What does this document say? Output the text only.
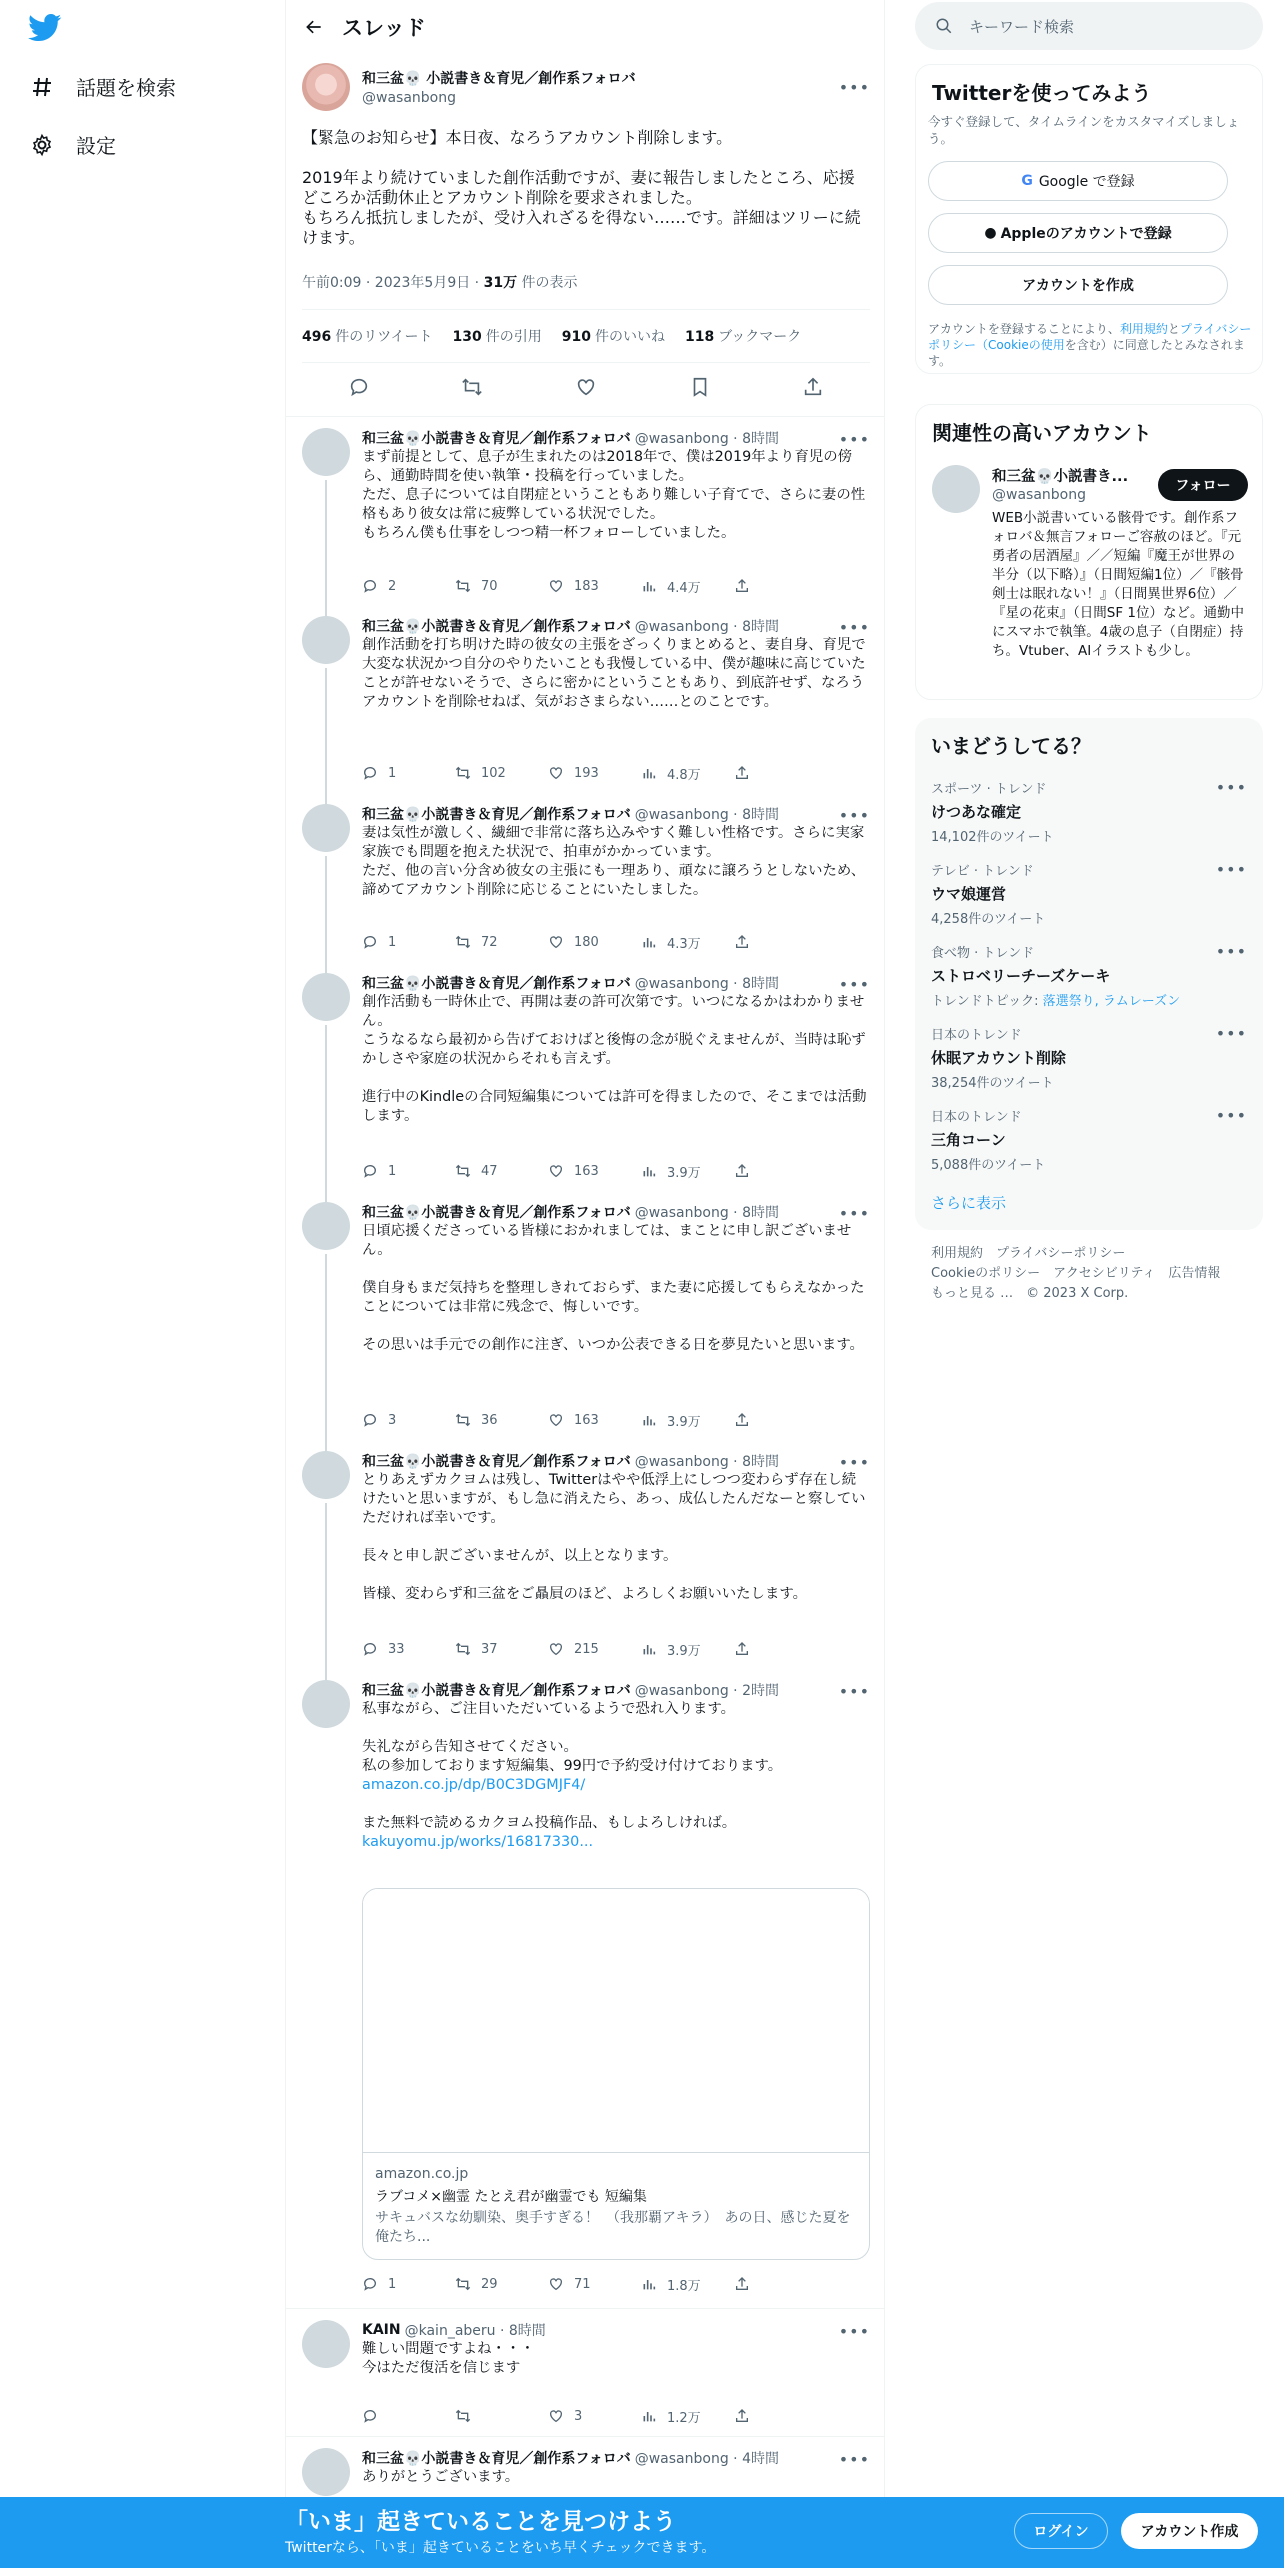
話題を検索
設定
スレッド
和三盆💀 小説書き＆育児／創作系フォロバ
@wasanbong
•••
【緊急のお知らせ】本日夜、なろうアカウント削除します。

2019年より続けていました創作活動ですが、妻に報告しましたところ、応援どころか活動休止とアカウント削除を要求されました。
もちろん抵抗しましたが、受け入れざるを得ない……です。詳細はツリーに続けます。
午前0:09 · 2023年5月9日 · 31万 件の表示
496 件のリツイート 130 件の引用 910 件のいいね 118 ブックマーク
和三盆💀小説書き＆育児／創作系フォロバ @wasanbong · 8時間	•••
まず前提として、息子が生まれたのは2018年で、僕は2019年より育児の傍ら、通勤時間を使い執筆・投稿を行っていました。
ただ、息子については自閉症ということもあり難しい子育てで、さらに妻の性格もあり彼女は常に疲弊している状況でした。
もちろん僕も仕事をしつつ精一杯フォローしていました。
2	70	183	4.4万
和三盆💀小説書き＆育児／創作系フォロバ @wasanbong · 8時間	•••
創作活動を打ち明けた時の彼女の主張をざっくりまとめると、妻自身、育児で大変な状況かつ自分のやりたいことも我慢している中、僕が趣味に高じていたことが許せないそうで、さらに密かにということもあり、到底許せず、なろうアカウントを削除せねば、気がおさまらない……とのことです。
1	102	193	4.8万
和三盆💀小説書き＆育児／創作系フォロバ @wasanbong · 8時間	•••
妻は気性が激しく、繊細で非常に落ち込みやすく難しい性格です。さらに実家家族でも問題を抱えた状況で、拍車がかかっています。
ただ、他の言い分含め彼女の主張にも一理あり、頑なに譲ろうとしないため、諦めてアカウント削除に応じることにいたしました。
1	72	180	4.3万
和三盆💀小説書き＆育児／創作系フォロバ @wasanbong · 8時間	•••
創作活動も一時休止で、再開は妻の許可次第です。いつになるかはわかりません。
こうなるなら最初から告げておけばと後悔の念が脱ぐえませんが、当時は恥ずかしさや家庭の状況からそれも言えず。

進行中のKindleの合同短編集については許可を得ましたので、そこまでは活動します。
1	47	163	3.9万
和三盆💀小説書き＆育児／創作系フォロバ @wasanbong · 8時間	•••
日頃応援くださっている皆様におかれましては、まことに申し訳ございません。

僕自身もまだ気持ちを整理しきれておらず、また妻に応援してもらえなかったことについては非常に残念で、悔しいです。

その思いは手元での創作に注ぎ、いつか公表できる日を夢見たいと思います。
3	36	163	3.9万
和三盆💀小説書き＆育児／創作系フォロバ @wasanbong · 8時間	•••
とりあえずカクヨムは残し、Twitterはやや低浮上にしつつ変わらず存在し続けたいと思いますが、もし急に消えたら、あっ、成仏したんだなーと察していただければ幸いです。

長々と申し訳ございませんが、以上となります。

皆様、変わらず和三盆をご贔屓のほど、よろしくお願いいたします。
33	37	215	3.9万
和三盆💀小説書き＆育児／創作系フォロバ @wasanbong · 2時間	•••
私事ながら、ご注目いただいているようで恐れ入ります。

失礼ながら告知させてください。
私の参加しております短編集、99円で予約受け付けております。
amazon.co.jp/dp/B0C3DGMJF4/
また無料で読めるカクヨム投稿作品、もしよろしければ。
kakuyomu.jp/works/16817330...
amazon.co.jp
ラブコメ×幽霊 たとえ君が幽霊でも 短編集
サキュバスな幼馴染、奥手すぎる！　（我那覇アキラ）　あの日、感じた夏を俺たち...
1	29	71	1.8万
KAIN @kain_aberu · 8時間	•••
難しい問題ですよね・・・
今はただ復活を信じます
3	1.2万
和三盆💀小説書き＆育児／創作系フォロバ @wasanbong · 4時間	•••
ありがとうございます。
キーワード検索
Twitterを使ってみよう
今すぐ登録して、タイムラインをカスタマイズしましょう。
G Google で登録
● Appleのアカウントで登録
アカウントを作成
アカウントを登録することにより、利用規約とプライバシーポリシー（Cookieの使用を含む）に同意したとみなされます。
関連性の高いアカウント
和三盆💀小説書き...
@wasanbong
フォロー
WEB小説書いている骸骨です。創作系フォロバ＆無言フォローご容赦のほど。『元勇者の居酒屋』／／短編『魔王が世界の半分（以下略）』（日間短編1位）／『骸骨剣士は眠れない！』（日間異世界6位）／『星の花束』（日間SF 1位）など。通勤中にスマホで執筆。4歳の息子（自閉症）持ち。Vtuber、AIイラストも少し。
いまどうしてる？
スポーツ · トレンド
けつあな確定
14,102件のツイート
•••
テレビ · トレンド
ウマ娘運営
4,258件のツイート
•••
食べ物 · トレンド
ストロベリーチーズケーキ
トレンドトピック: 落選祭り, ラムレーズン
•••
日本のトレンド
休眠アカウント削除
38,254件のツイート
•••
日本のトレンド
三角コーン
5,088件のツイート
•••
さらに表示
利用規約　プライバシーポリシー
Cookieのポリシー　アクセシビリティ　広告情報
もっと見る …　© 2023 X Corp.
「いま」起きていることを見つけよう
Twitterなら、「いま」起きていることをいち早くチェックできます。
ログイン	アカウント作成
